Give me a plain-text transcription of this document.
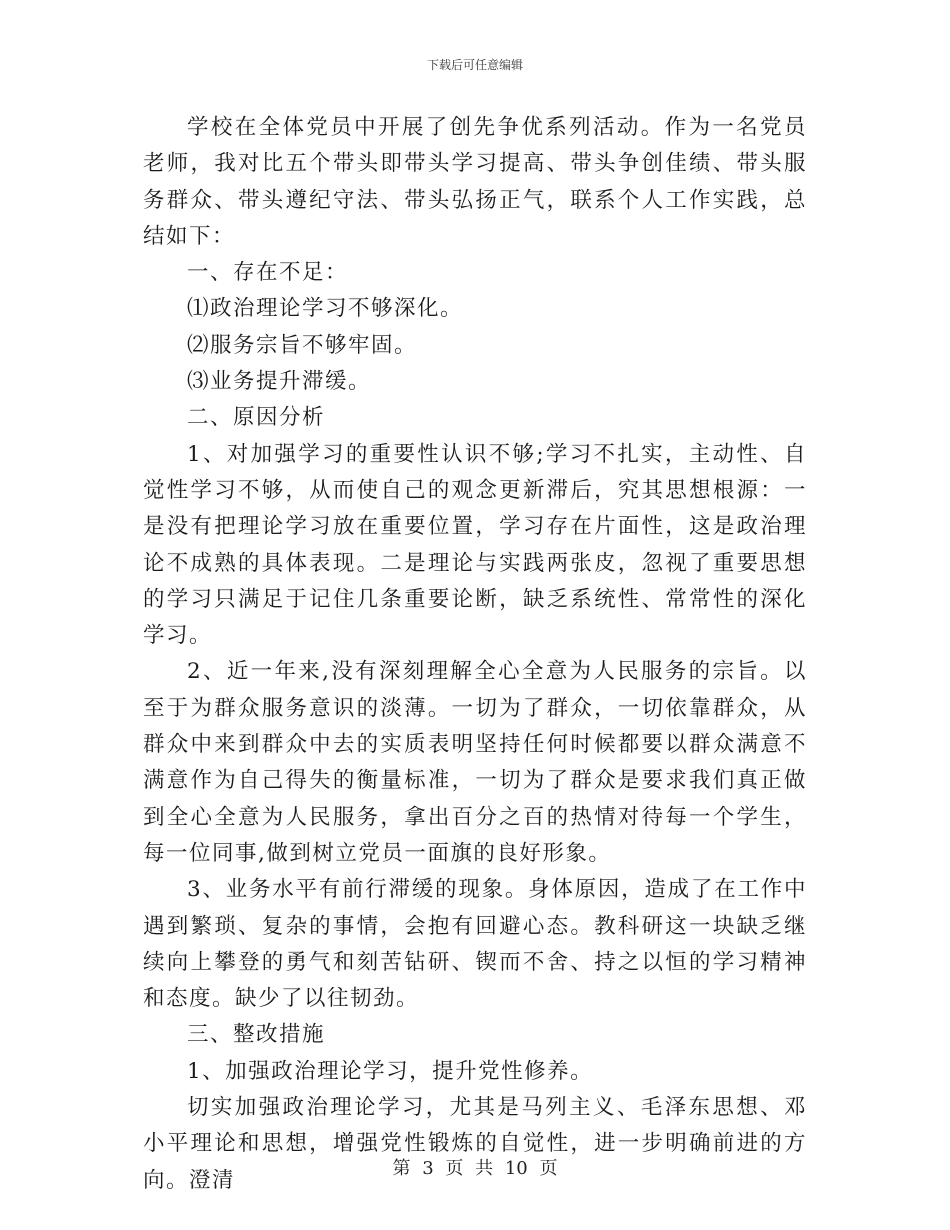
下载后可任意编辑

学校在全体党员中开展了创先争优系列活动。作为一名党员老师，我对比五个带头即带头学习提高、带头争创佳绩、带头服务群众、带头遵纪守法、带头弘扬正气，联系个人工作实践，总结如下：

一、存在不足：

⑴政治理论学习不够深化。

⑵服务宗旨不够牢固。

⑶业务提升滞缓。

二、原因分析

1、对加强学习的重要性认识不够;学习不扎实，主动性、自觉性学习不够，从而使自己的观念更新滞后，究其思想根源：一是没有把理论学习放在重要位置，学习存在片面性，这是政治理论不成熟的具体表现。二是理论与实践两张皮，忽视了重要思想的学习只满足于记住几条重要论断，缺乏系统性、常常性的深化学习。

2、近一年来,没有深刻理解全心全意为人民服务的宗旨。以至于为群众服务意识的淡薄。一切为了群众，一切依靠群众，从群众中来到群众中去的实质表明坚持任何时候都要以群众满意不满意作为自己得失的衡量标准，一切为了群众是要求我们真正做到全心全意为人民服务，拿出百分之百的热情对待每一个学生，每一位同事,做到树立党员一面旗的良好形象。

3、业务水平有前行滞缓的现象。身体原因，造成了在工作中遇到繁琐、复杂的事情，会抱有回避心态。教科研这一块缺乏继续向上攀登的勇气和刻苦钻研、锲而不舍、持之以恒的学习精神和态度。缺少了以往韧劲。

三、整改措施

1、加强政治理论学习，提升党性修养。

切实加强政治理论学习，尤其是马列主义、毛泽东思想、邓小平理论和思想，增强党性锻炼的自觉性，进一步明确前进的方向。澄清	第 3 页 共 10 页
